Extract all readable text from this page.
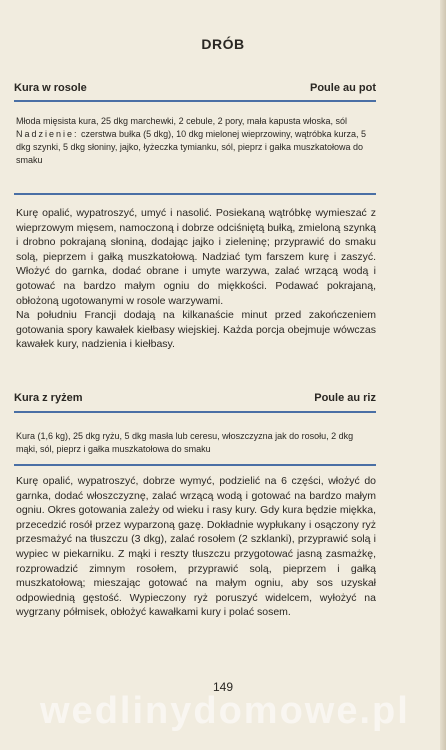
DRÓB
Kura w rosole	Poule au pot

Młoda mięsista kura, 25 dkg marchewki, 2 cebule, 2 pory, mała kapusta włoska, sól

Nadzienie: czerstwa bułka (5 dkg), 10 dkg mielonej wieprzowiny, wątróbka kurza, 5 dkg szynki, 5 dkg słoniny, jajko, łyżeczka tymianku, sól, pieprz i gałka muszkatołowa do smaku

Kurę opalić, wypatroszyć, umyć i nasolić. Posiekaną wątróbkę wymieszać z wieprzowym mięsem, namoczoną i dobrze odciśniętą bułką, zmieloną szynką i drobno pokrajaną słoniną, dodając jajko i zieleninę; przyprawić do smaku solą, pieprzem i gałką muszkatołową. Nadziać tym farszem kurę i zaszyć. Włożyć do garnka, dodać obrane i umyte warzywa, zalać wrzącą wodą i gotować na bardzo małym ogniu do miękkości. Podawać pokrajaną, obłożoną ugotowanymi w rosole warzywami.

Na południu Francji dodają na kilkanaście minut przed zakończeniem gotowania spory kawałek kiełbasy wiejskiej. Każda porcja obejmuje wówczas kawałek kury, nadzienia i kiełbasy.

Kura z ryżem	Poule au riz

Kura (1,6 kg), 25 dkg ryżu, 5 dkg masła lub ceresu, włoszczyzna jak do rosołu, 2 dkg mąki, sól, pieprz i gałka muszkatołowa do smaku

Kurę opalić, wypatroszyć, dobrze wymyć, podzielić na 6 części, włożyć do garnka, dodać włoszczyznę, zalać wrzącą wodą i gotować na bardzo małym ogniu. Okres gotowania zależy od wieku i rasy kury. Gdy kura będzie miękka, przecedzić rosół przez wyparzoną gazę. Dokładnie wypłukany i osączony ryż przesmażyć na tłuszczu (3 dkg), zalać rosołem (2 szklanki), przyprawić solą i wypiec w piekarniku. Z mąki i reszty tłuszczu przygotować jasną zasmażkę, rozprowadzić zimnym rosołem, przyprawić solą, pieprzem i gałką muszkatołową; mieszając gotować na małym ogniu, aby sos uzyskał odpowiednią gęstość. Wypieczony ryż poruszyć widelcem, wyłożyć na wygrzany półmisek, obłożyć kawałkami kury i polać sosem.

149
wedlinydomowe.pl
